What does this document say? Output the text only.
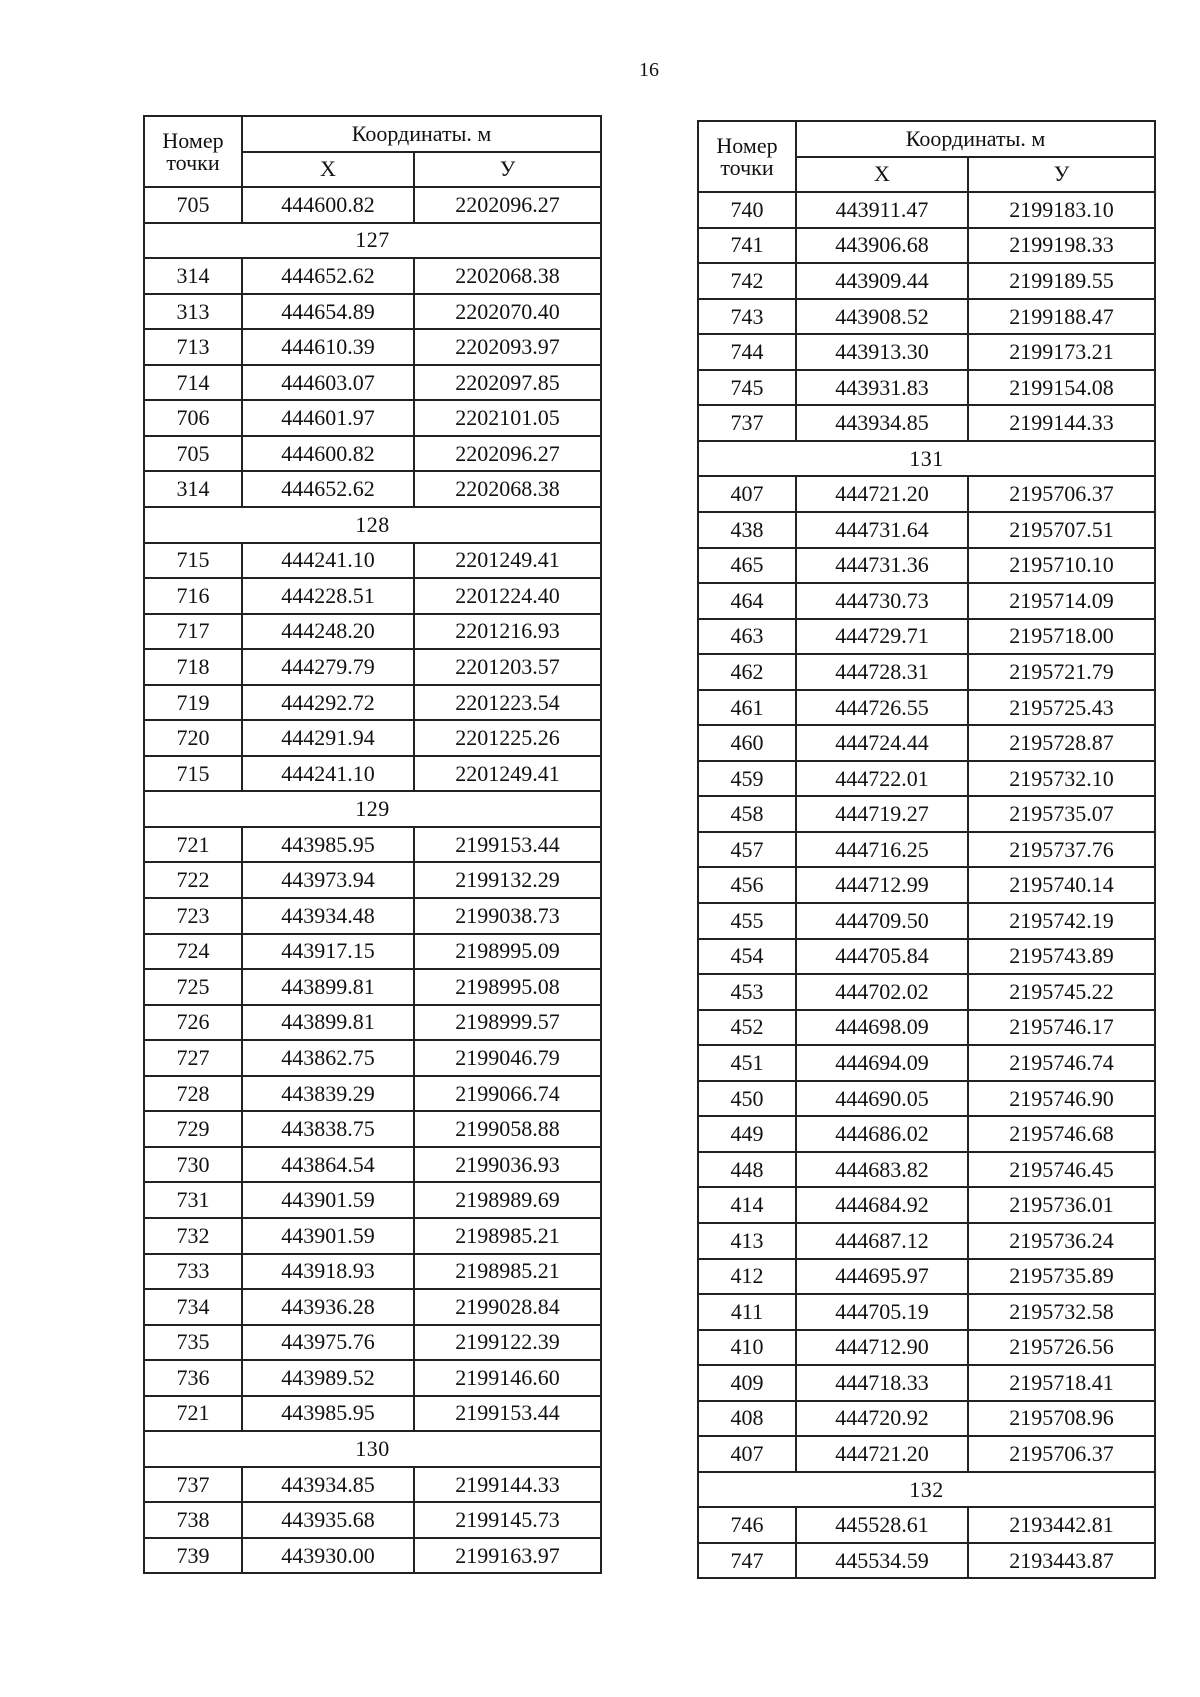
16
Номер
точки	Координаты. м	
	X	У
705	444600.82	2202096.27
127		
314	444652.62	2202068.38
313	444654.89	2202070.40
713	444610.39	2202093.97
714	444603.07	2202097.85
706	444601.97	2202101.05
705	444600.82	2202096.27
314	444652.62	2202068.38
128		
715	444241.10	2201249.41
716	444228.51	2201224.40
717	444248.20	2201216.93
718	444279.79	2201203.57
719	444292.72	2201223.54
720	444291.94	2201225.26
715	444241.10	2201249.41
129		
721	443985.95	2199153.44
722	443973.94	2199132.29
723	443934.48	2199038.73
724	443917.15	2198995.09
725	443899.81	2198995.08
726	443899.81	2198999.57
727	443862.75	2199046.79
728	443839.29	2199066.74
729	443838.75	2199058.88
730	443864.54	2199036.93
731	443901.59	2198989.69
732	443901.59	2198985.21
733	443918.93	2198985.21
734	443936.28	2199028.84
735	443975.76	2199122.39
736	443989.52	2199146.60
721	443985.95	2199153.44
130		
737	443934.85	2199144.33
738	443935.68	2199145.73
739	443930.00	2199163.97
Номер
точки	Координаты. м	
	X	У
740	443911.47	2199183.10
741	443906.68	2199198.33
742	443909.44	2199189.55
743	443908.52	2199188.47
744	443913.30	2199173.21
745	443931.83	2199154.08
737	443934.85	2199144.33
131		
407	444721.20	2195706.37
438	444731.64	2195707.51
465	444731.36	2195710.10
464	444730.73	2195714.09
463	444729.71	2195718.00
462	444728.31	2195721.79
461	444726.55	2195725.43
460	444724.44	2195728.87
459	444722.01	2195732.10
458	444719.27	2195735.07
457	444716.25	2195737.76
456	444712.99	2195740.14
455	444709.50	2195742.19
454	444705.84	2195743.89
453	444702.02	2195745.22
452	444698.09	2195746.17
451	444694.09	2195746.74
450	444690.05	2195746.90
449	444686.02	2195746.68
448	444683.82	2195746.45
414	444684.92	2195736.01
413	444687.12	2195736.24
412	444695.97	2195735.89
411	444705.19	2195732.58
410	444712.90	2195726.56
409	444718.33	2195718.41
408	444720.92	2195708.96
407	444721.20	2195706.37
132		
746	445528.61	2193442.81
747	445534.59	2193443.87
